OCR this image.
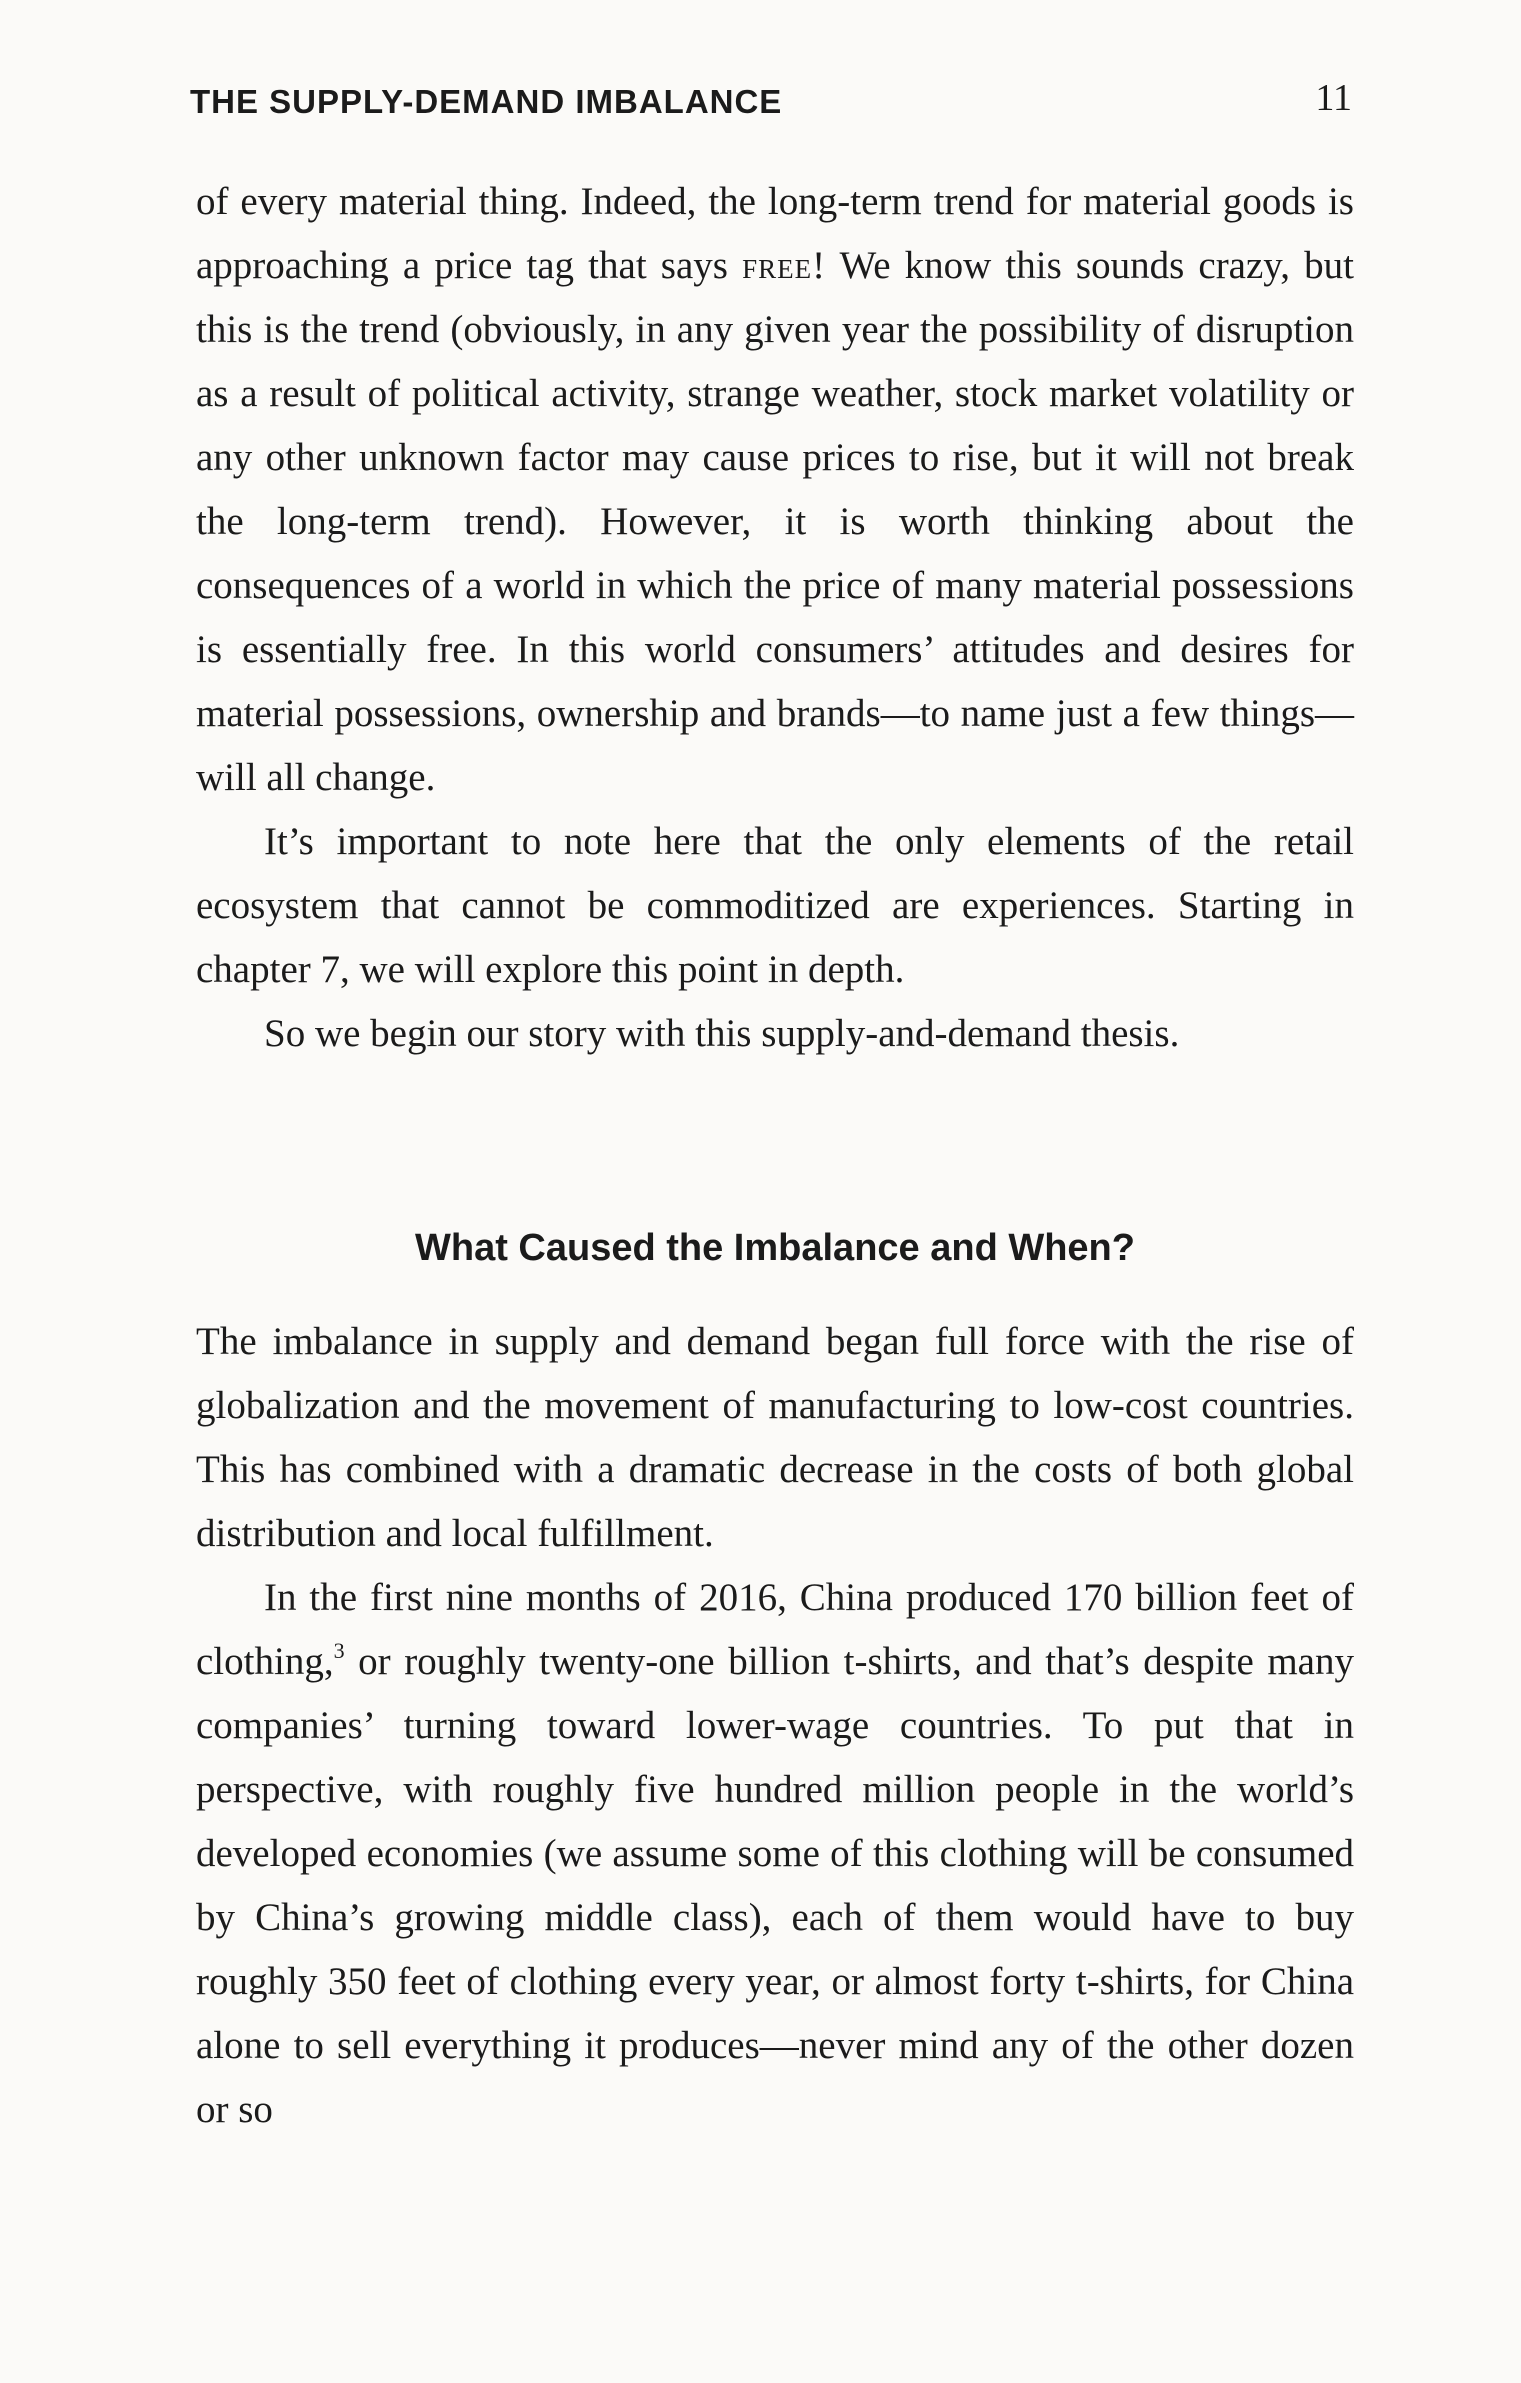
THE SUPPLY-DEMAND IMBALANCE	11

of every material thing. Indeed, the long-term trend for material goods is approaching a price tag that says free! We know this sounds crazy, but this is the trend (obviously, in any given year the possibility of disruption as a result of political activity, strange weather, stock market volatility or any other unknown factor may cause prices to rise, but it will not break the long-term trend). However, it is worth thinking about the consequences of a world in which the price of many material possessions is essentially free. In this world consumers’ attitudes and desires for material possessions, ownership and brands—to name just a few things—will all change.

It’s important to note here that the only elements of the retail ecosystem that cannot be commoditized are experiences. Starting in chapter 7, we will explore this point in depth.

So we begin our story with this supply-and-demand thesis.

What Caused the Imbalance and When?

The imbalance in supply and demand began full force with the rise of globalization and the movement of manufacturing to low-cost countries. This has combined with a dramatic decrease in the costs of both global distribution and local fulfillment.

In the first nine months of 2016, China produced 170 billion feet of clothing,$^3$ or roughly twenty-one billion t-shirts, and that’s despite many companies’ turning toward lower-wage countries. To put that in perspective, with roughly five hundred million people in the world’s developed economies (we assume some of this clothing will be consumed by China’s growing middle class), each of them would have to buy roughly 350 feet of clothing every year, or almost forty t-shirts, for China alone to sell everything it produces—never mind any of the other dozen or so
